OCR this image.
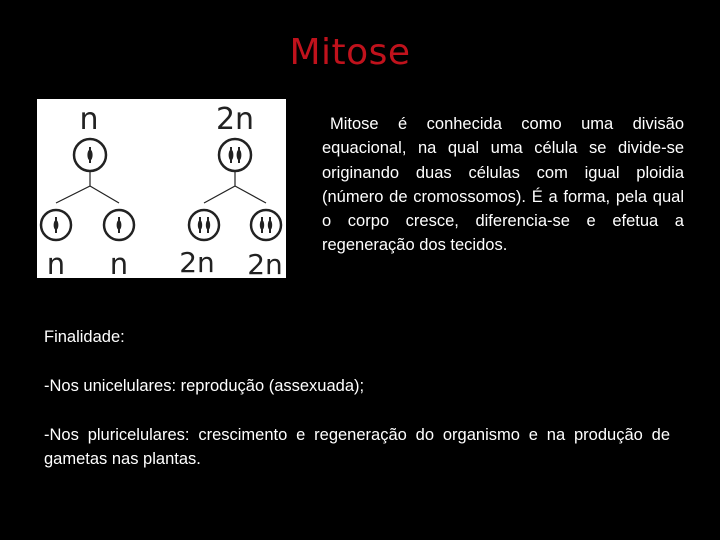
Mitose
n
n n
2n
2n 2n
Mitose é conhecida como uma divisão equacional, na qual uma célula se divide-se originando duas células com igual ploidia (número de cromossomos). É a forma, pela qual o corpo cresce, diferencia-se e efetua a regeneração dos tecidos.
Finalidade:
-Nos unicelulares: reprodução (assexuada);
-Nos pluricelulares: crescimento e regeneração do organismo e na produção de gametas nas plantas.
